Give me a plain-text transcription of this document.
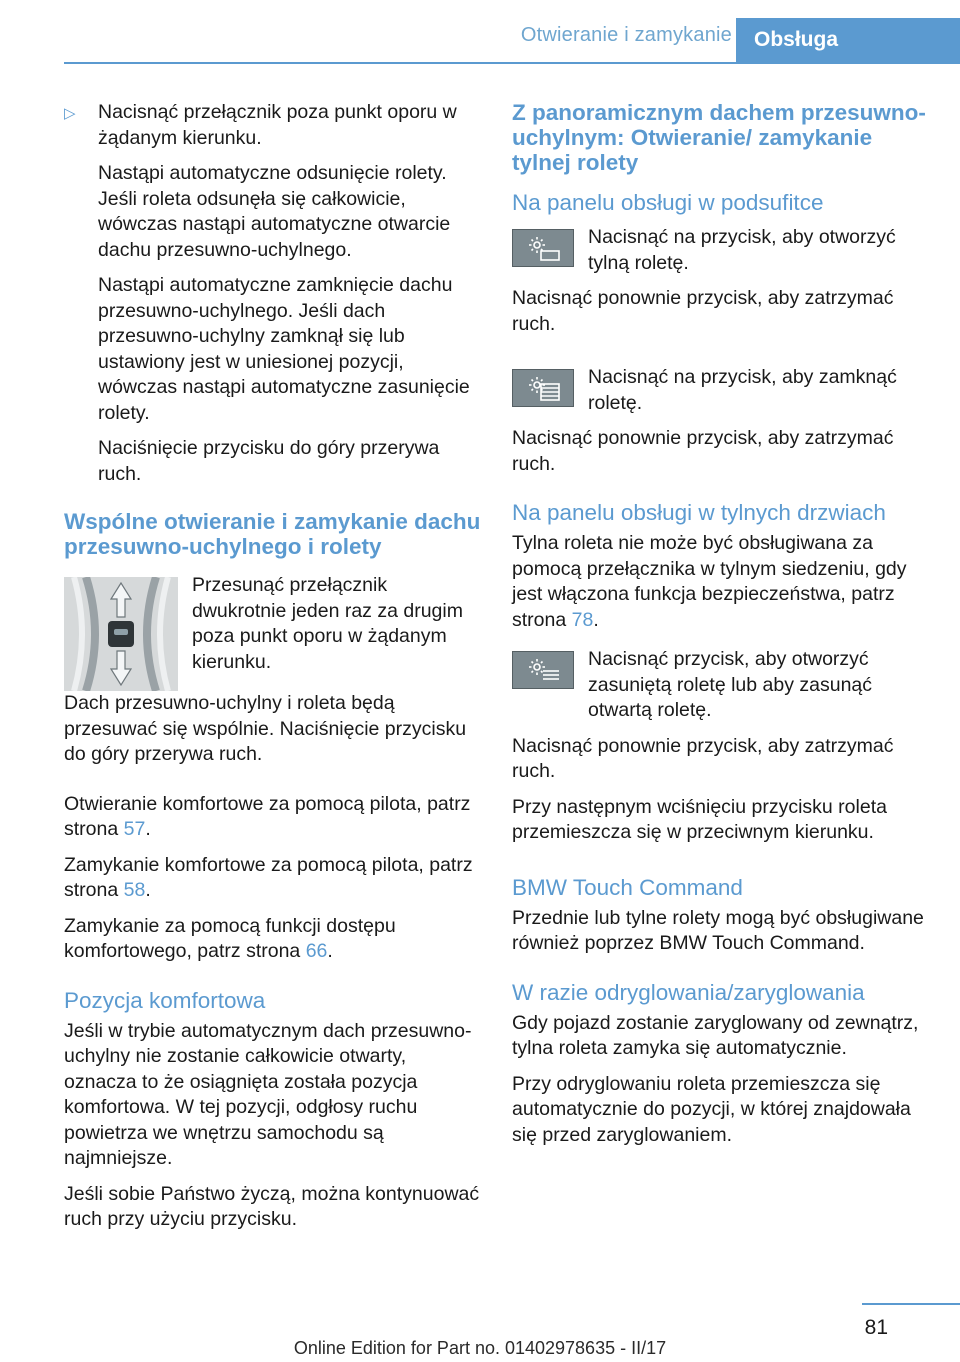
Otwieranie i zamykanie	Obsługa

▷ Nacisnąć przełącznik poza punkt oporu w żądanym kierunku.

Nastąpi automatyczne odsunięcie rolety. Jeśli roleta odsunęła się całkowicie, wówczas nastąpi automatyczne otwarcie dachu przesuwno-uchylnego.

Nastąpi automatyczne zamknięcie dachu przesuwno-uchylnego. Jeśli dach przesuwno-uchylny zamknął się lub ustawiony jest w uniesionej pozycji, wówczas nastąpi automatyczne zasunięcie rolety.

Naciśnięcie przycisku do góry przerywa ruch.

Wspólne otwieranie i zamykanie dachu przesuwno-uchylnego i rolety

Przesunąć przełącznik dwukrotnie jeden raz za drugim poza punkt oporu w żądanym kierunku.

Dach przesuwno-uchylny i roleta będą przesuwać się wspólnie. Naciśnięcie przycisku do góry przerywa ruch.

Otwieranie komfortowe za pomocą pilota, patrz strona 57.

Zamykanie komfortowe za pomocą pilota, patrz strona 58.

Zamykanie za pomocą funkcji dostępu komfortowego, patrz strona 66.

Pozycja komfortowa

Jeśli w trybie automatycznym dach przesuwno-uchylny nie zostanie całkowicie otwarty, oznacza to że osiągnięta została pozycja komfortowa. W tej pozycji, odgłosy ruchu powietrza we wnętrzu samochodu są najmniejsze.

Jeśli sobie Państwo życzą, można kontynuować ruch przy użyciu przycisku.

Z panoramicznym dachem przesuwno-uchylnym: Otwieranie/ zamykanie tylnej rolety
Na panelu obsługi w podsufitce

Nacisnąć na przycisk, aby otworzyć tylną roletę.

Nacisnąć ponownie przycisk, aby zatrzymać ruch.

Nacisnąć na przycisk, aby zamknąć roletę.

Nacisnąć ponownie przycisk, aby zatrzymać ruch.

Na panelu obsługi w tylnych drzwiach

Tylna roleta nie może być obsługiwana za pomocą przełącznika w tylnym siedzeniu, gdy jest włączona funkcja bezpieczeństwa, patrz strona 78.

Nacisnąć przycisk, aby otworzyć zasuniętą roletę lub aby zasunąć otwartą roletę.

Nacisnąć ponownie przycisk, aby zatrzymać ruch.

Przy następnym wciśnięciu przycisku roleta przemieszcza się w przeciwnym kierunku.

BMW Touch Command

Przednie lub tylne rolety mogą być obsługiwane również poprzez BMW Touch Command.

W razie odryglowania/zaryglowania

Gdy pojazd zostanie zaryglowany od zewnątrz, tylna roleta zamyka się automatycznie.

Przy odryglowaniu roleta przemieszcza się automatycznie do pozycji, w której znajdowała się przed zaryglowaniem.

81
Online Edition for Part no. 01402978635 - II/17
